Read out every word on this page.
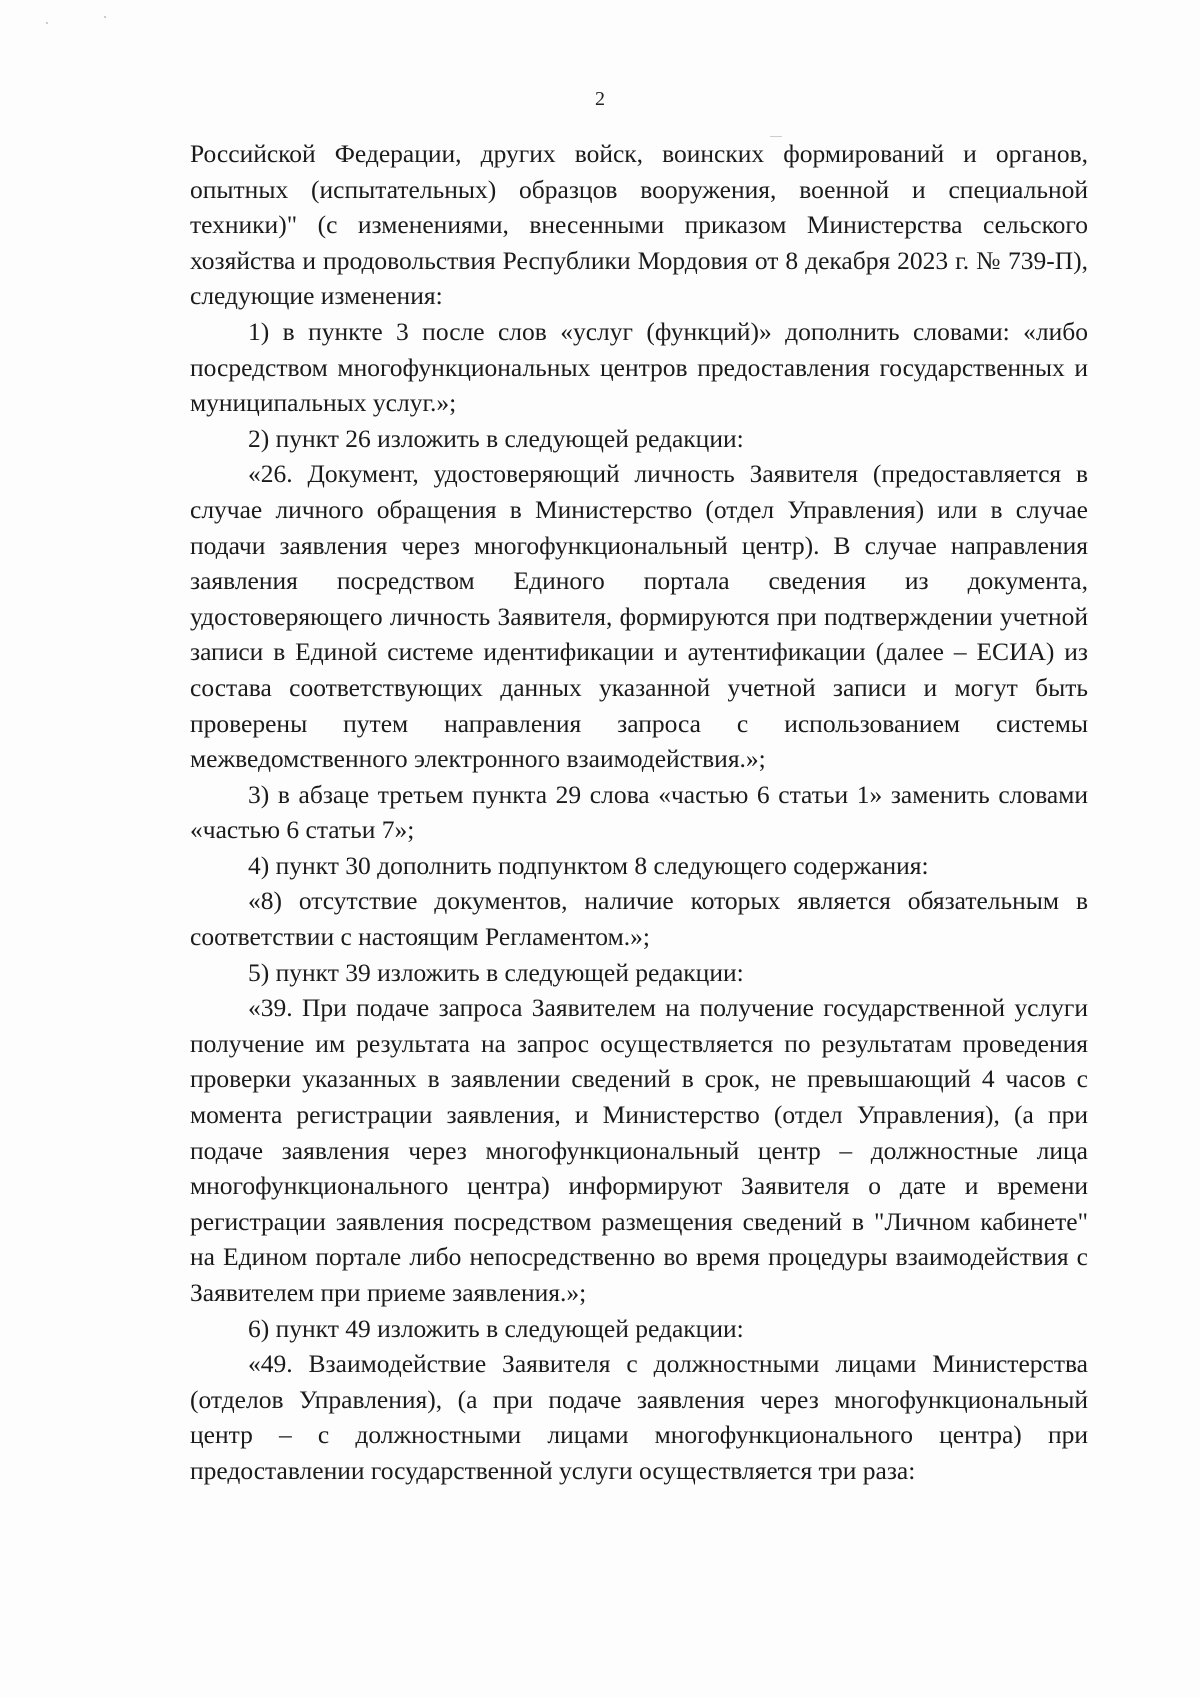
2

Российской Федерации, других войск, воинских формирований и органов, опытных (испытательных) образцов вооружения, военной и специальной техники)" (с изменениями, внесенными приказом Министерства сельского хозяйства и продовольствия Республики Мордовия от 8 декабря 2023 г. № 739-П), следующие изменения:

1) в пункте 3 после слов «услуг (функций)» дополнить словами: «либо посредством многофункциональных центров предоставления государственных и муниципальных услуг.»;

2) пункт 26 изложить в следующей редакции:

«26. Документ, удостоверяющий личность Заявителя (предоставляется в случае личного обращения в Министерство (отдел Управления) или в случае подачи заявления через многофункциональный центр). В случае направления заявления посредством Единого портала сведения из документа, удостоверяющего личность Заявителя, формируются при подтверждении учетной записи в Единой системе идентификации и аутентификации (далее – ЕСИА) из состава соответствующих данных указанной учетной записи и могут быть проверены путем направления запроса с использованием системы межведомственного электронного взаимодействия.»;

3) в абзаце третьем пункта 29 слова «частью 6 статьи 1» заменить словами «частью 6 статьи 7»;

4) пункт 30 дополнить подпунктом 8 следующего содержания:

«8) отсутствие документов, наличие которых является обязательным в соответствии с настоящим Регламентом.»;

5) пункт 39 изложить в следующей редакции:

«39. При подаче запроса Заявителем на получение государственной услуги получение им результата на запрос осуществляется по результатам проведения проверки указанных в заявлении сведений в срок, не превышающий 4 часов с момента регистрации заявления, и Министерство (отдел Управления), (а при подаче заявления через многофункциональный центр – должностные лица многофункционального центра) информируют Заявителя о дате и времени регистрации заявления посредством размещения сведений в "Личном кабинете" на Едином портале либо непосредственно во время процедуры взаимодействия с Заявителем при приеме заявления.»;

6) пункт 49 изложить в следующей редакции:

«49. Взаимодействие Заявителя с должностными лицами Министерства (отделов Управления), (а при подаче заявления через многофункциональный центр – с должностными лицами многофункционального центра) при предоставлении государственной услуги осуществляется три раза:
